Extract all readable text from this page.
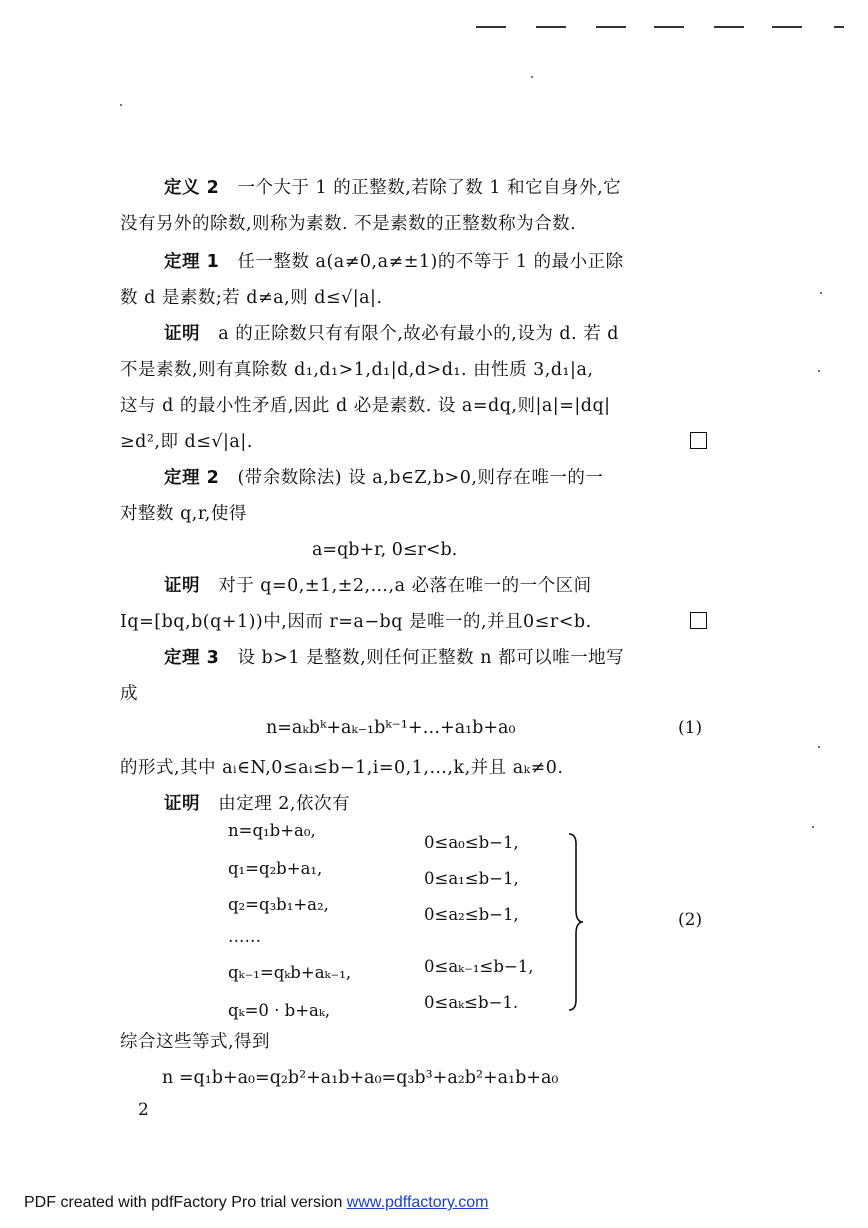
定义 2 一个大于 1 的正整数,若除了数 1 和它自身外,它
没有另外的除数,则称为素数. 不是素数的正整数称为合数.
定理 1 任一整数 a(a≠0,a≠±1)的不等于 1 的最小正除
数 d 是素数;若 d≠a,则 d≤√|a|.
证明 a 的正除数只有有限个,故必有最小的,设为 d. 若 d
不是素数,则有真除数 d₁,d₁>1,d₁|d,d>d₁. 由性质 3,d₁|a,
这与 d 的最小性矛盾,因此 d 必是素数. 设 a=dq,则|a|=|dq|
≥d²,即 d≤√|a|.
定理 2 (带余数除法) 设 a,b∈Z,b>0,则存在唯一的一
对整数 q,r,使得
a=qb+r, 0≤r<b.
证明 对于 q=0,±1,±2,…,a 必落在唯一的一个区间
Iq=[bq,b(q+1))中,因而 r=a−bq 是唯一的,并且0≤r<b.
定理 3 设 b>1 是整数,则任何正整数 n 都可以唯一地写
成
n=aₖbᵏ+aₖ₋₁bᵏ⁻¹+…+a₁b+a₀	(1)
的形式,其中 aᵢ∈N,0≤aᵢ≤b−1,i=0,1,…,k,并且 aₖ≠0.
证明 由定理 2,依次有
n=q₁b+a₀,
q₁=q₂b+a₁,
q₂=q₃b₁+a₂,
……
qₖ₋₁=qₖb+aₖ₋₁,
qₖ=0 · b+aₖ,
0≤a₀≤b−1,
0≤a₁≤b−1,
0≤a₂≤b−1,
0≤aₖ₋₁≤b−1,
0≤aₖ≤b−1.
(2)
综合这些等式,得到
n =q₁b+a₀=q₂b²+a₁b+a₀=q₃b³+a₂b²+a₁b+a₀
2
PDF created with pdfFactory Pro trial version www.pdffactory.com
